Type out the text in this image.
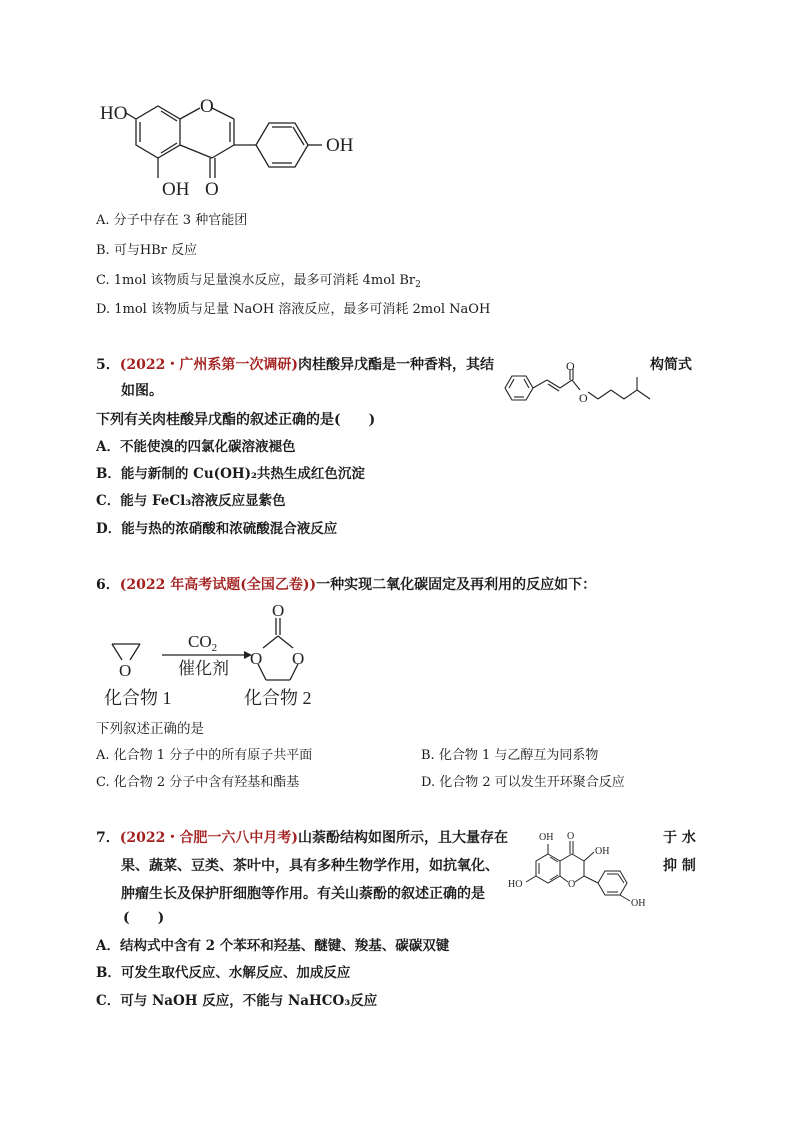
HO	O
O
OH
OH
A. 分子中存在 3 种官能团
B. 可与HBr 反应
C. 1mol 该物质与足量溴水反应，最多可消耗 4mol $Br_2$
D. 1mol 该物质与足量 NaOH 溶液反应，最多可消耗 2mol NaOH
5．(2022・广州系第一次调研)肉桂酸异戊酯是一种香料，其结	构简式
如图。
下列有关肉桂酸异戊酯的叙述正确的是(　　)
O
O
A．不能使溴的四氯化碳溶液褪色
B．能与新制的 Cu(OH)₂共热生成红色沉淀
C．能与 FeCl₃溶液反应显紫色
D．能与热的浓硝酸和浓硫酸混合液反应
6．(2022 年高考试题(全国乙卷))一种实现二氧化碳固定及再利用的反应如下：
O
O
O O
$CO_2$
催化剂
化合物 1	化合物 2
下列叙述正确的是
A. 化合物 1 分子中的所有原子共平面	B. 化合物 1 与乙醇互为同系物
C. 化合物 2 分子中含有羟基和酯基	D. 化合物 2 可以发生开环聚合反应
7．(2022・合肥一六八中月考)山萘酚结构如图所示，且大量存在	于 水
果、蔬菜、豆类、茶叶中，具有多种生物学作用，如抗氧化、	抑 制
肿瘤生长及保护肝细胞等作用。有关山萘酚的叙述正确的是
(　　)
OH O
OH
HO	O
OH
A．结构式中含有 2 个苯环和羟基、醚键、羧基、碳碳双键
B．可发生取代反应、水解反应、加成反应
C．可与 NaOH 反应，不能与 NaHCO₃反应
